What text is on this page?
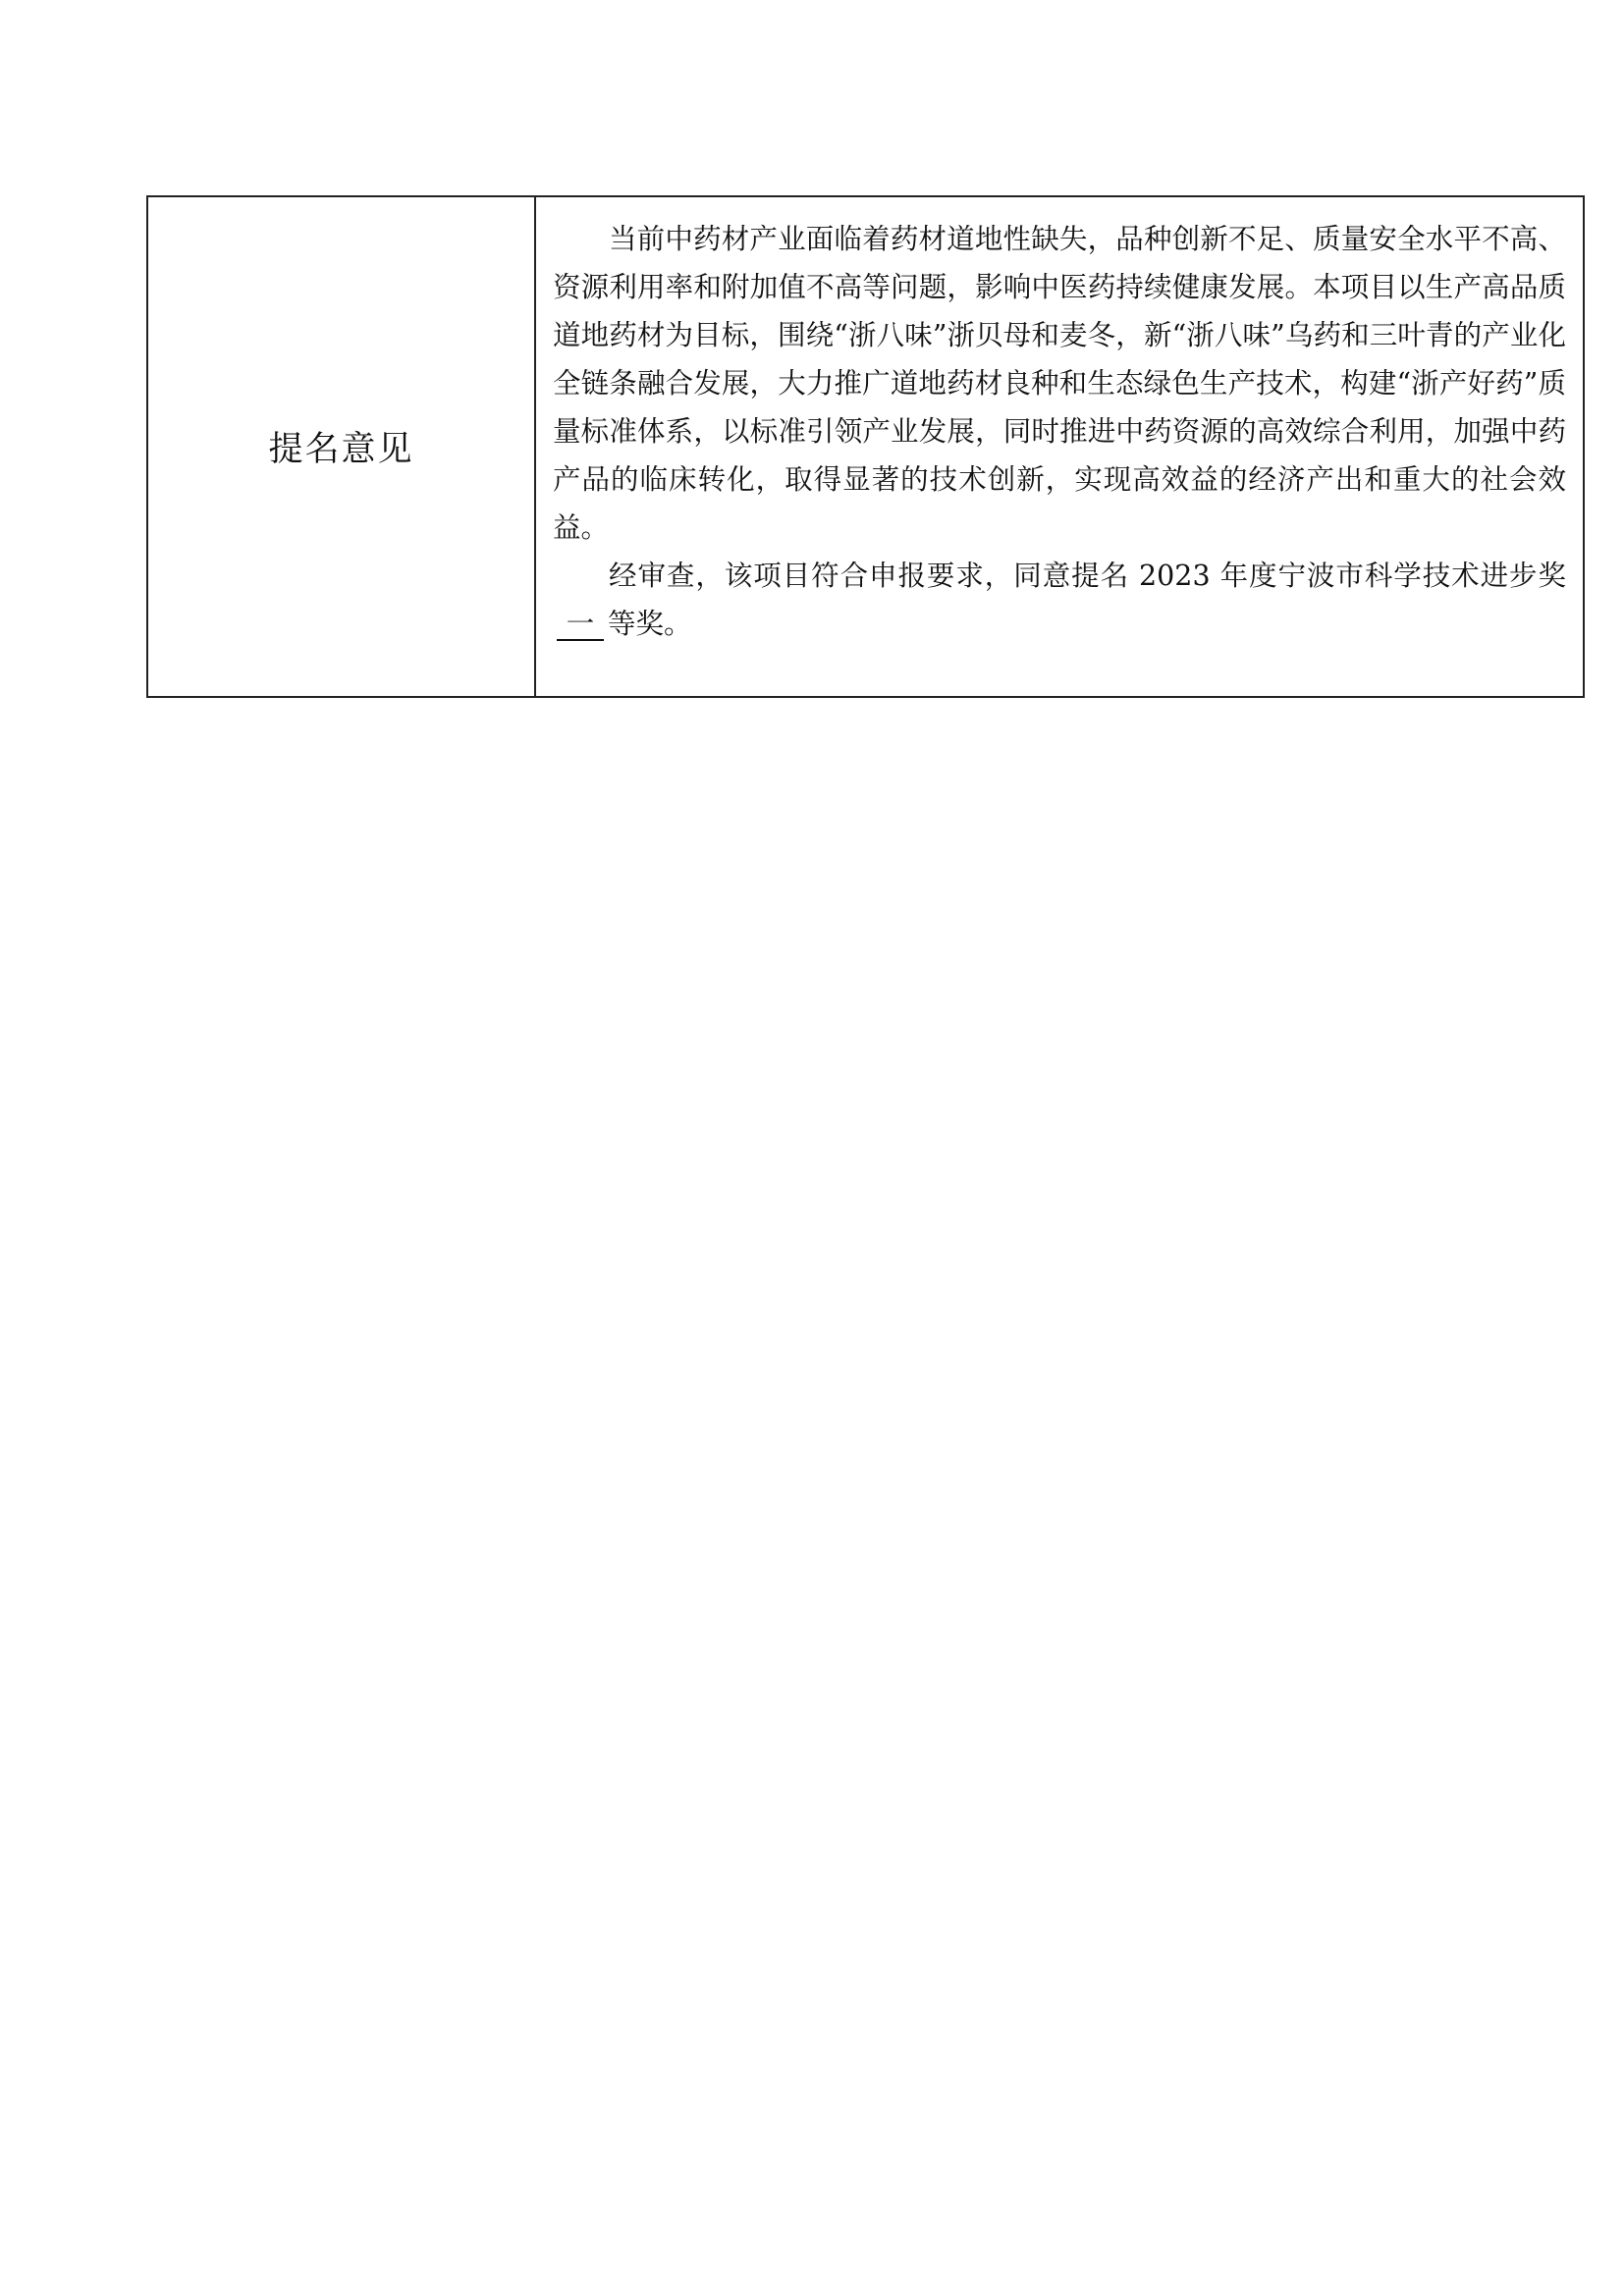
提名意见	

当前中药材产业面临着药材道地性缺失，品种创新不足、质量安全水平不高、资源利用率和附加值不高等问题，影响中医药持续健康发展。本项目以生产高品质道地药材为目标，围绕“浙八味”浙贝母和麦冬，新“浙八味”乌药和三叶青的产业化全链条融合发展，大力推广道地药材良种和生态绿色生产技术，构建“浙产好药”质量标准体系，以标准引领产业发展，同时推进中药资源的高效综合利用，加强中药产品的临床转化，取得显著的技术创新，实现高效益的经济产出和重大的社会效益。

经审查，该项目符合申报要求，同意提名 2023 年度宁波市科学技术进步奖一 等奖。
